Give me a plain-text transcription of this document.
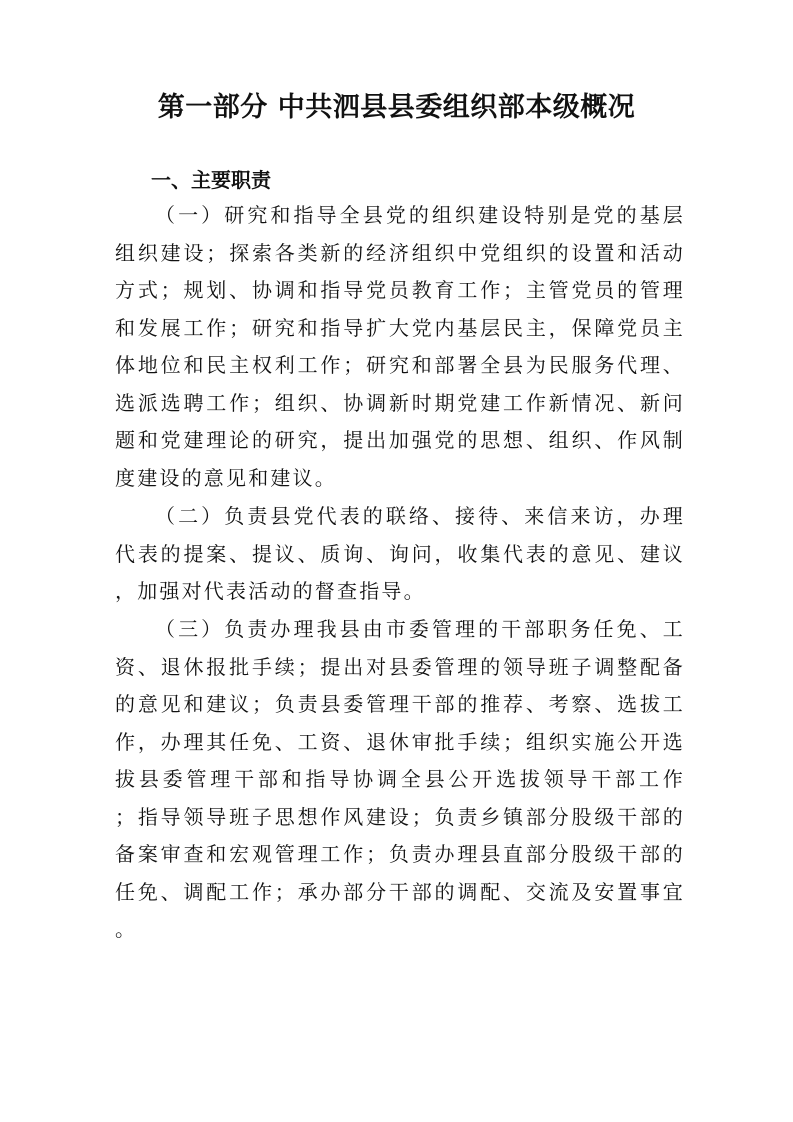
第一部分 中共泗县县委组织部本级概况
一、主要职责
（一）研究和指导全县党的组织建设特别是党的基层
组织建设；探索各类新的经济组织中党组织的设置和活动
方式；规划、协调和指导党员教育工作；主管党员的管理
和发展工作；研究和指导扩大党内基层民主，保障党员主
体地位和民主权利工作；研究和部署全县为民服务代理、
选派选聘工作；组织、协调新时期党建工作新情况、新问
题和党建理论的研究，提出加强党的思想、组织、作风制
度建设的意见和建议。
（二）负责县党代表的联络、接待、来信来访，办理
代表的提案、提议、质询、询问，收集代表的意见、建议
，加强对代表活动的督查指导。
（三）负责办理我县由市委管理的干部职务任免、工
资、退休报批手续；提出对县委管理的领导班子调整配备
的意见和建议；负责县委管理干部的推荐、考察、选拔工
作，办理其任免、工资、退休审批手续；组织实施公开选
拔县委管理干部和指导协调全县公开选拔领导干部工作
；指导领导班子思想作风建设；负责乡镇部分股级干部的
备案审查和宏观管理工作；负责办理县直部分股级干部的
任免、调配工作；承办部分干部的调配、交流及安置事宜
。
